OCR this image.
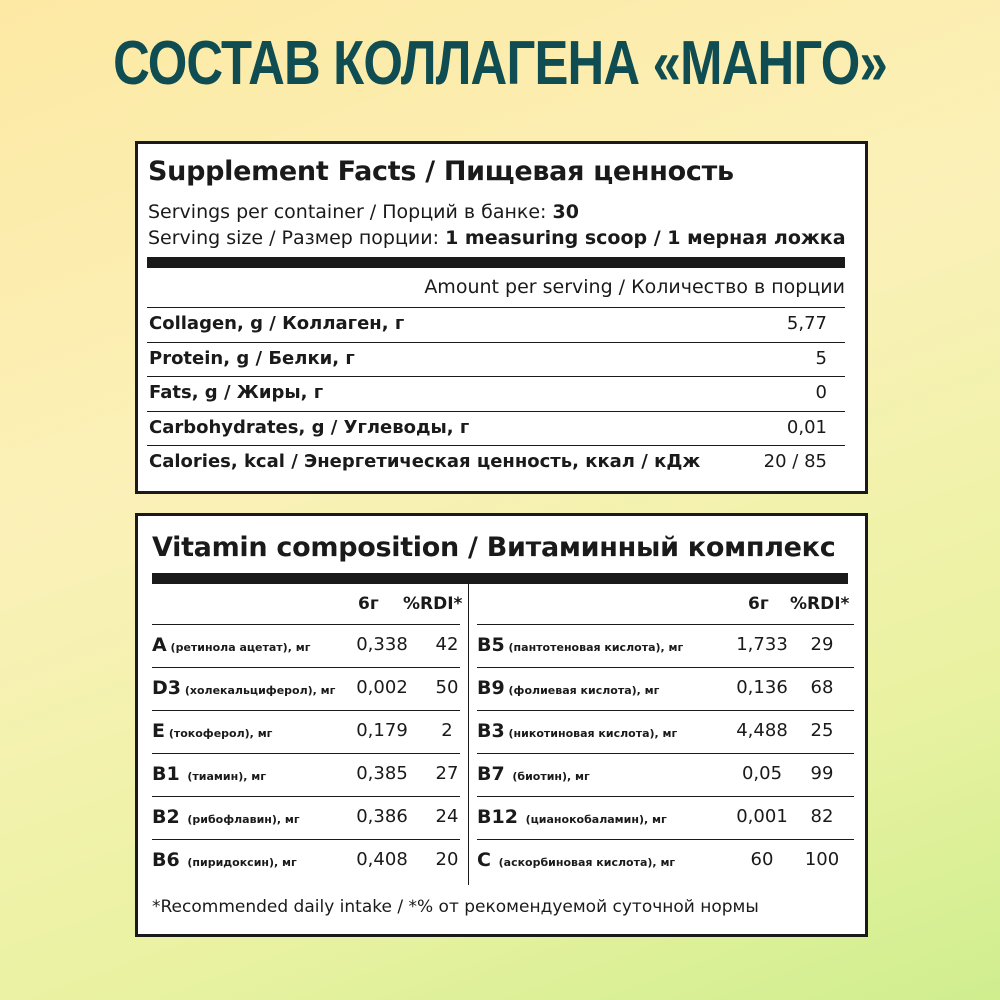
СОСТАВ КОЛЛАГЕНА «МАНГО»
Supplement Facts / Пищевая ценность
Servings per container / Порций в банке: 30
Serving size / Размер порции: 1 measuring scoop / 1 мерная ложка
Amount per serving / Количество в порции
Collagen, g / Коллаген, г	5,77
Protein, g / Белки, г	5
Fats, g / Жиры, г	0
Carbohydrates, g / Углеводы, г	0,01
Calories, kcal / Энергетическая ценность, ккал / кДж	20 / 85
Vitamin composition / Витаминный комплекс
6г %RDI*	6г %RDI*
A (ретинола ацетат), мг	0,338	42
D3 (холекальциферол), мг	0,002	50
E (токоферол), мг	0,179	2
B1  (тиамин), мг	0,385	27
B2  (рибофлавин), мг	0,386	24
B6  (пиридоксин), мг	0,408	20
B5 (пантотеновая кислота), мг	1,733	29
B9 (фолиевая кислота), мг	0,136	68
B3 (никотиновая кислота), мг	4,488	25
B7  (биотин), мг	0,05	99
B12  (цианокобаламин), мг	0,001	82
C  (аскорбиновая кислота), мг	60	100
*Recommended daily intake / *% от рекомендуемой суточной нормы
